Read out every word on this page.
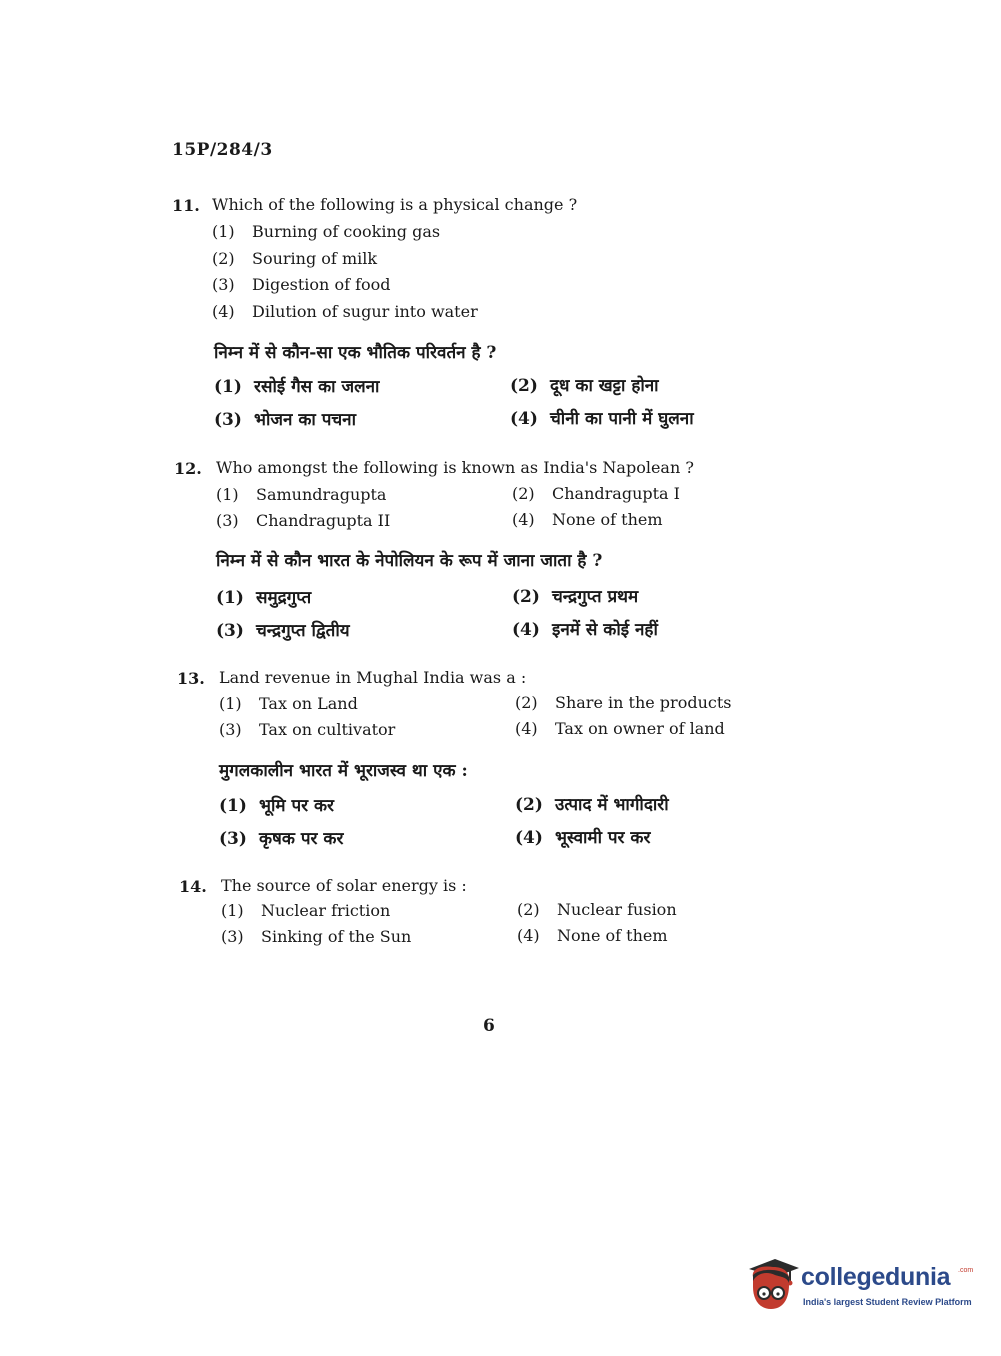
15P/284/3
11. Which of the following is a physical change ?
(1) Burning of cooking gas
(2) Souring of milk
(3) Digestion of food
(4) Dilution of sugur into water
निम्न में से कौन-सा एक भौतिक परिवर्तन है ?
(1) रसोई गैस का जलना	(2) दूध का खट्टा होना
(3) भोजन का पचना	(4) चीनी का पानी में घुलना
12. Who amongst the following is known as India's Napolean ?
(1) Samundragupta	(2) Chandragupta I
(3) Chandragupta II	(4) None of them
निम्न में से कौन भारत के नेपोलियन के रूप में जाना जाता है ?
(1) समुद्रगुप्त	(2) चन्द्रगुप्त प्रथम
(3) चन्द्रगुप्त द्वितीय	(4) इनमें से कोई नहीं
13. Land revenue in Mughal India was a :
(1) Tax on Land	(2) Share in the products
(3) Tax on cultivator	(4) Tax on owner of land
मुगलकालीन भारत में भूराजस्व था एक :
(1) भूमि पर कर	(2) उत्पाद में भागीदारी
(3) कृषक पर कर	(4) भूस्वामी पर कर
14. The source of solar energy is :
(1) Nuclear friction	(2) Nuclear fusion
(3) Sinking of the Sun	(4) None of them
6
collegedunia .com
India's largest Student Review Platform
